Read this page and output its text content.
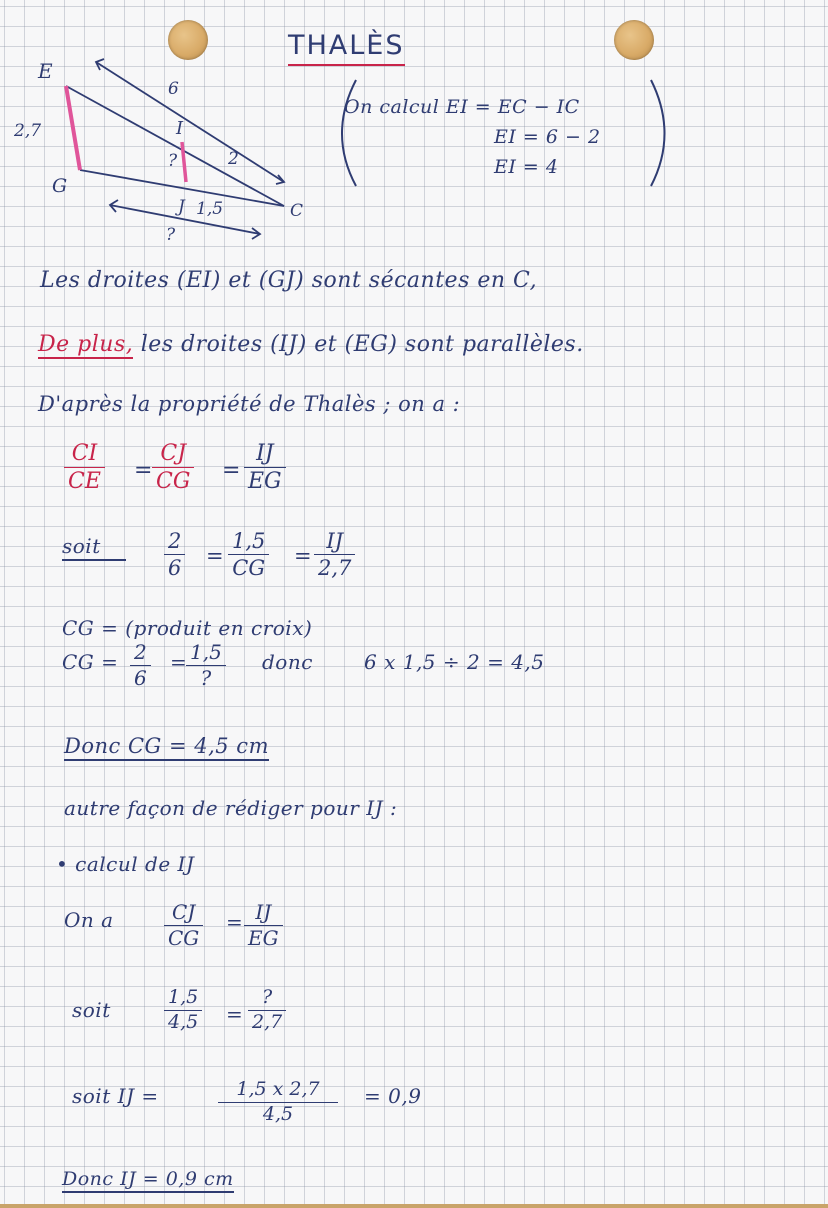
THALÈS
E
G
C
I
J
2,7
6
2
1,5
?
?
On calcul EI = EC − IC
EI = 6 − 2
EI = 4
Les droites (EI) et (GJ) sont sécantes en C,
De plus, les droites (IJ) et (EG) sont parallèles.
D'après la propriété de Thalès ; on a :
CI
CE =
CJ
CG =
IJ
EG
soit	2
6
=
1,5
CG
=
IJ
2,7
CG = (produit en croix)
CG = 2
6
= 1,5
?
donc	6 x 1,5 ÷ 2 = 4,5
Donc CG = 4,5 cm
autre façon de rédiger pour IJ :
• calcul de IJ
On a	CJ
CG
= IJ
EG
soit
1,5
4,5 =
?
2,7
soit IJ =	1,5 x 2,7
4,5
= 0,9
Donc IJ = 0,9 cm
